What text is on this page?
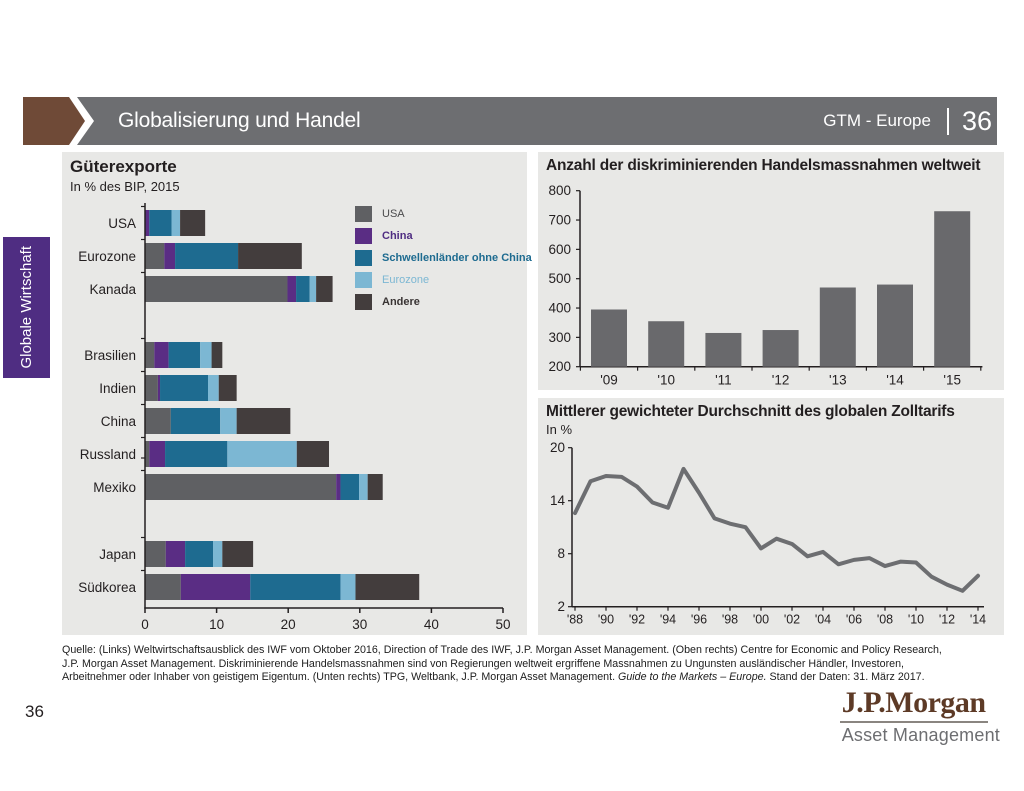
Globalisierung und Handel	GTM - Europe 36
Globale Wirtschaft
Güterexporte
In % des BIP, 2015
USA
Eurozone
Kanada
Brasilien
Indien
China
Russland
Mexiko
Japan
Südkorea
0	10	20	30	40	50
USA
China
Schwellenländer ohne China
Eurozone
Andere
Anzahl der diskriminierenden Handelsmassnahmen weltweit
200
300
400
500
600
700
800
'09	'10	'11	'12	'13	'14	'15
Mittlerer gewichteter Durchschnitt des globalen Zolltarifs
In %
2
8
14
20
'88 '90 '92 '94 '96 '98 '00 '02 '04 '06 '08 '10 '12 '14
Quelle: (Links) Weltwirtschaftsausblick des IWF vom Oktober 2016, Direction of Trade des IWF, J.P. Morgan Asset Management. (Oben rechts) Centre for Economic and Policy Research,
J.P. Morgan Asset Management. Diskriminierende Handelsmassnahmen sind von Regierungen weltweit ergriffene Massnahmen zu Ungunsten ausländischer Händler, Investoren,
Arbeitnehmer oder Inhaber von geistigem Eigentum. (Unten rechts) TPG, Weltbank, J.P. Morgan Asset Management. Guide to the Markets – Europe. Stand der Daten: 31. März 2017.
36	J.P.Morgan
Asset Management
